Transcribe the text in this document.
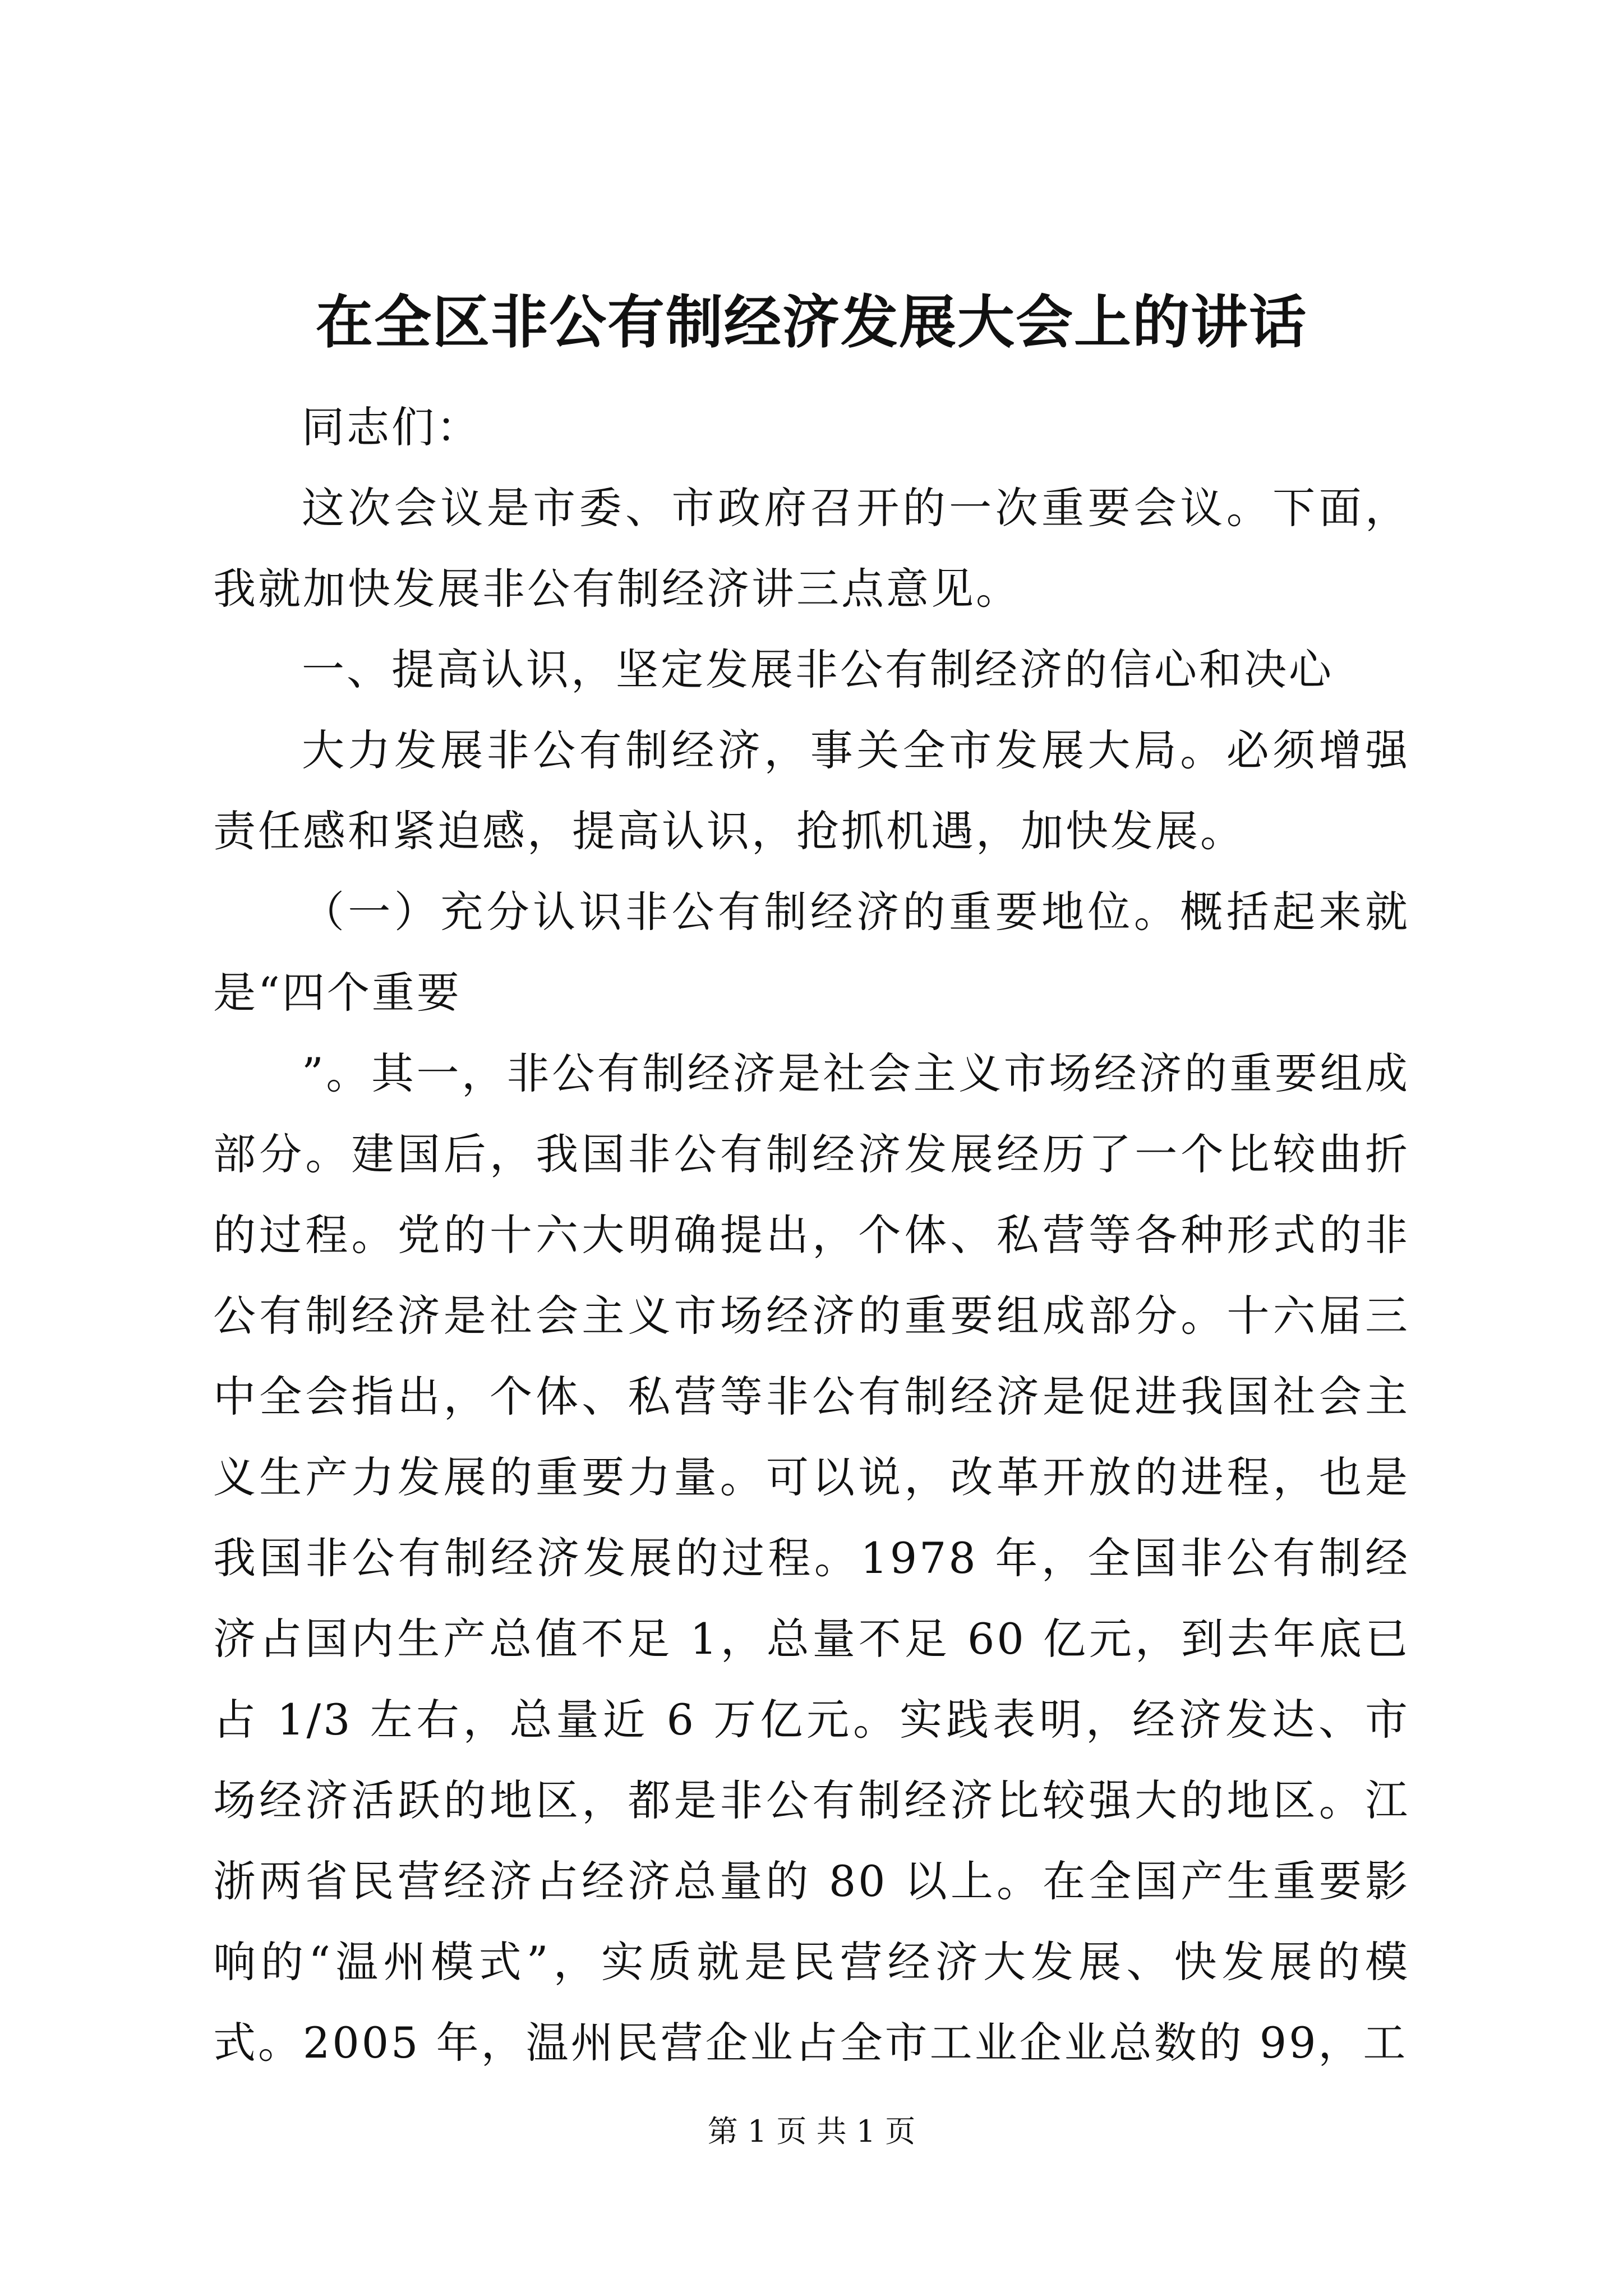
在全区非公有制经济发展大会上的讲话

同志们：

这次会议是市委、市政府召开的一次重要会议。下面，我就加快发展非公有制经济讲三点意见。

一、提高认识，坚定发展非公有制经济的信心和决心

大力发展非公有制经济，事关全市发展大局。必须增强责任感和紧迫感，提高认识，抢抓机遇，加快发展。

（一）充分认识非公有制经济的重要地位。概括起来就是“四个重要

”。其一，非公有制经济是社会主义市场经济的重要组成部分。建国后，我国非公有制经济发展经历了一个比较曲折的过程。党的十六大明确提出，个体、私营等各种形式的非公有制经济是社会主义市场经济的重要组成部分。十六届三中全会指出，个体、私营等非公有制经济是促进我国社会主义生产力发展的重要力量。可以说，改革开放的进程，也是我国非公有制经济发展的过程。1978 年，全国非公有制经济占国内生产总值不足 1，总量不足 60 亿元，到去年底已占 1/3 左右，总量近 6 万亿元。实践表明，经济发达、市场经济活跃的地区，都是非公有制经济比较强大的地区。江浙两省民营经济占经济总量的 80 以上。在全国产生重要影响的“温州模式”，实质就是民营经济大发展、快发展的模式。2005 年，温州民营企业占全市工业企业总数的 99，工

第 1 页 共 1 页
